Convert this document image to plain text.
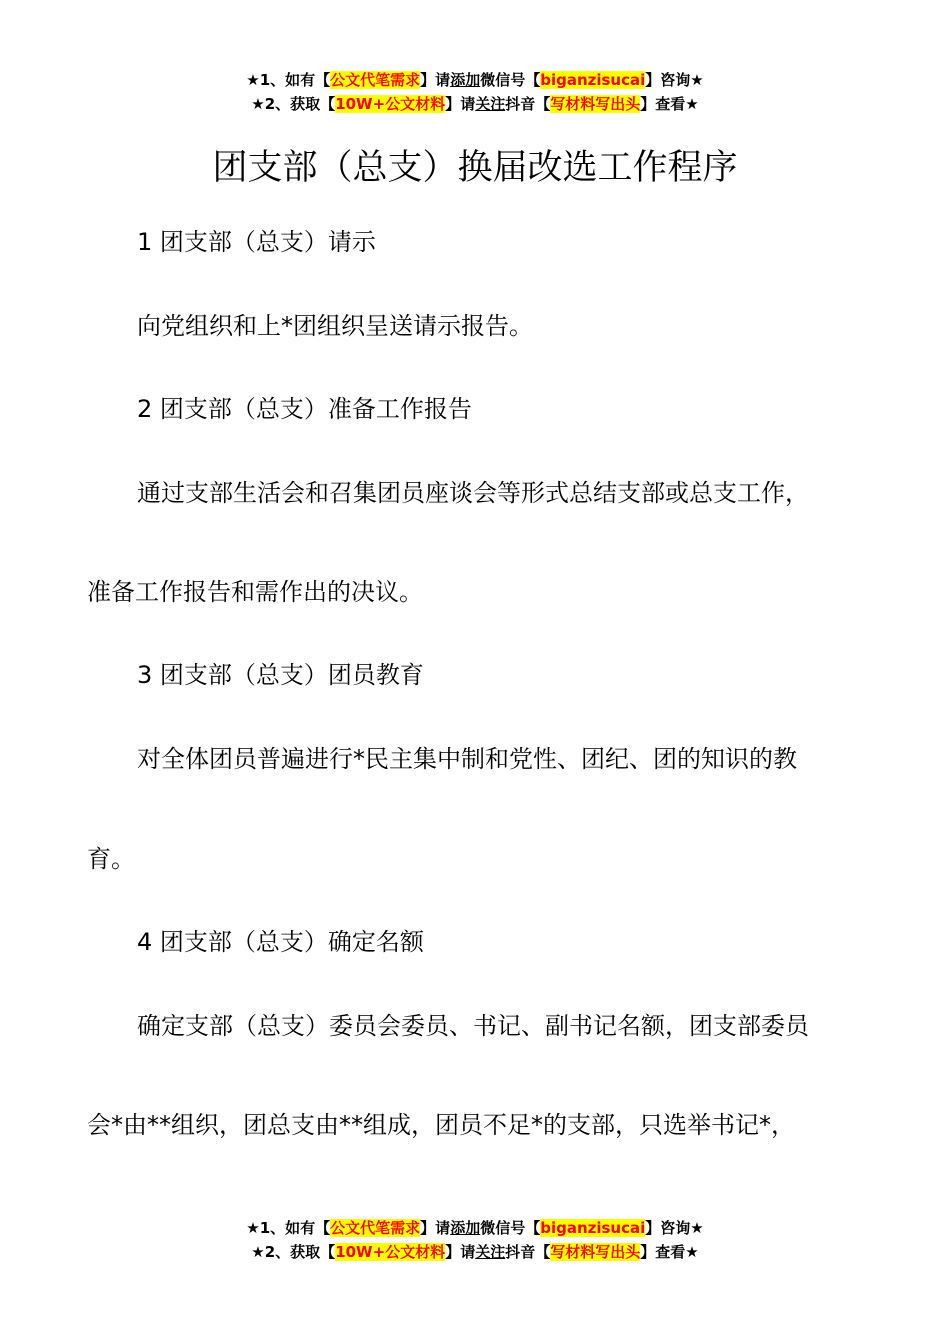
★1、如有【公文代笔需求】请添加微信号【biganzisucai】咨询★
★2、获取【10W+公文材料】请关注抖音【写材料写出头】查看★
团支部（总支）换届改选工作程序

1 团支部（总支）请示

向党组织和上*团组织呈送请示报告。

2 团支部（总支）准备工作报告

通过支部生活会和召集团员座谈会等形式总结支部或总支工作，

准备工作报告和需作出的决议。

3 团支部（总支）团员教育

对全体团员普遍进行*民主集中制和党性、团纪、团的知识的教

育。

4 团支部（总支）确定名额

确定支部（总支）委员会委员、书记、副书记名额，团支部委员

会*由**组织，团总支由**组成，团员不足*的支部，只选举书记*，

★1、如有【公文代笔需求】请添加微信号【biganzisucai】咨询★
★2、获取【10W+公文材料】请关注抖音【写材料写出头】查看★
